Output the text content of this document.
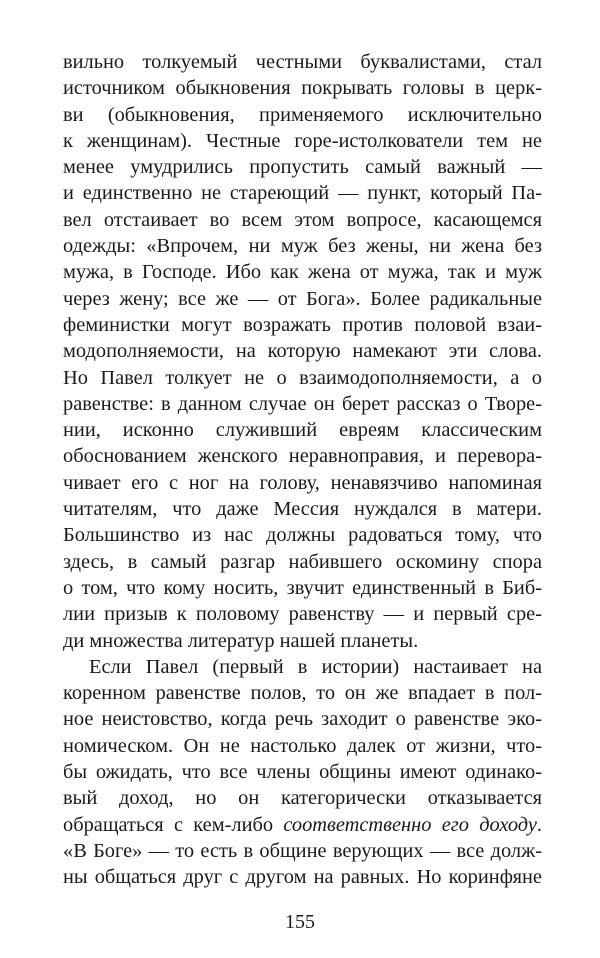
вильно толкуемый честными буквалистами, стал
источником обыкновения покрывать головы в церк-
ви (обыкновения, применяемого исключительно
к женщинам). Честные горе-истолкователи тем не
менее умудрились пропустить самый важный —
и единственно не стареющий — пункт, который Па-
вел отстаивает во всем этом вопросе, касающемся
одежды: «Впрочем, ни муж без жены, ни жена без
мужа, в Господе. Ибо как жена от мужа, так и муж
через жену; все же — от Бога». Более радикальные
феминистки могут возражать против половой взаи-
модополняемости, на которую намекают эти слова.
Но Павел толкует не о взаимодополняемости, а о
равенстве: в данном случае он берет рассказ о Творе-
нии, исконно служивший евреям классическим
обоснованием женского неравноправия, и перевора-
чивает его с ног на голову, ненавязчиво напоминая
читателям, что даже Мессия нуждался в матери.
Большинство из нас должны радоваться тому, что
здесь, в самый разгар набившего оскомину спора
о том, что кому носить, звучит единственный в Биб-
лии призыв к половому равенству — и первый сре-
ди множества литератур нашей планеты.
Если Павел (первый в истории) настаивает на
коренном равенстве полов, то он же впадает в пол-
ное неистовство, когда речь заходит о равенстве эко-
номическом. Он не настолько далек от жизни, что-
бы ожидать, что все члены общины имеют одинако-
вый доход, но он категорически отказывается
обращаться с кем-либо соответственно его доходу.
«В Боге» — то есть в общине верующих — все долж-
ны общаться друг с другом на равных. Но коринфяне
155
